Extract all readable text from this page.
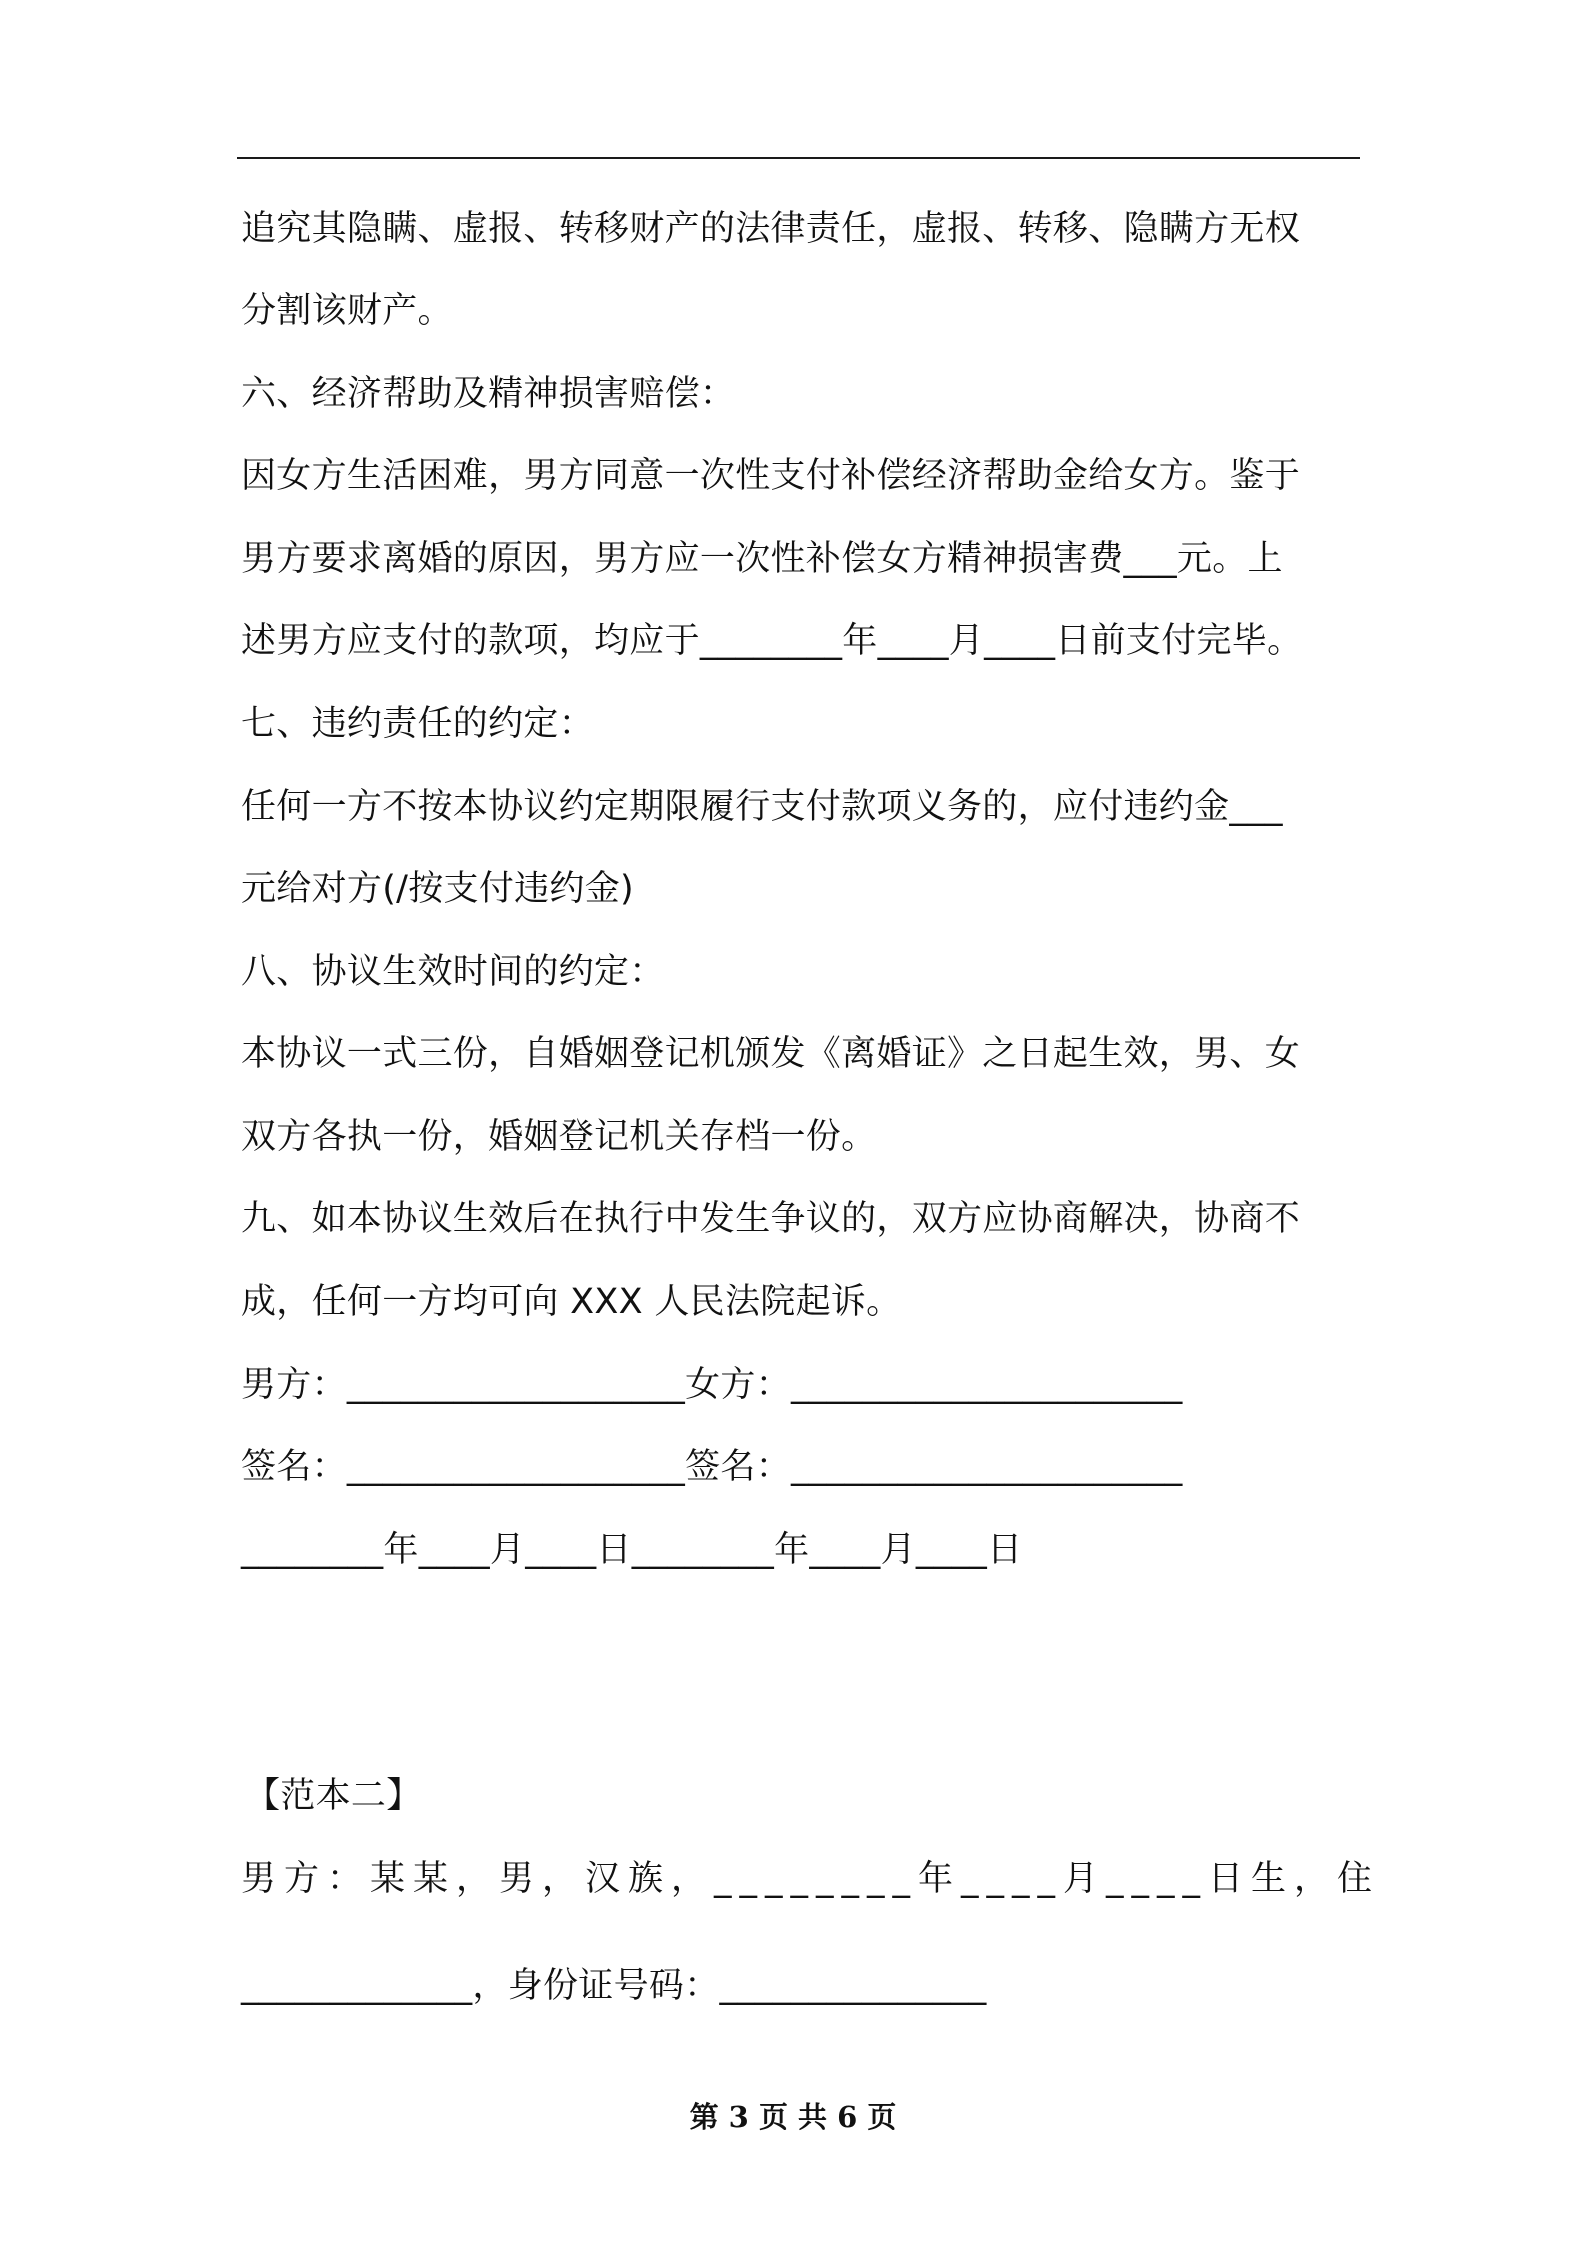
追究其隐瞒、虚报、转移财产的法律责任，虚报、转移、隐瞒方无权
分割该财产。
六、经济帮助及精神损害赔偿：
因女方生活困难，男方同意一次性支付补偿经济帮助金给女方。鉴于
男方要求离婚的原因，男方应一次性补偿女方精神损害费___元。上
述男方应支付的款项，均应于________年____月____日前支付完毕。
七、违约责任的约定：
任何一方不按本协议约定期限履行支付款项义务的，应付违约金___
元给对方(/按支付违约金)
八、协议生效时间的约定：
本协议一式三份，自婚姻登记机颁发《离婚证》之日起生效，男、女
双方各执一份，婚姻登记机关存档一份。
九、如本协议生效后在执行中发生争议的，双方应协商解决，协商不
成，任何一方均可向 XXX 人民法院起诉。
男方：___________________女方：______________________
签名：___________________签名：______________________
________年____月____日________年____月____日
【范本二】
男方：某某，男，汉族，________年____月____日生，住
_____________，身份证号码：_______________
第 3 页 共 6 页
